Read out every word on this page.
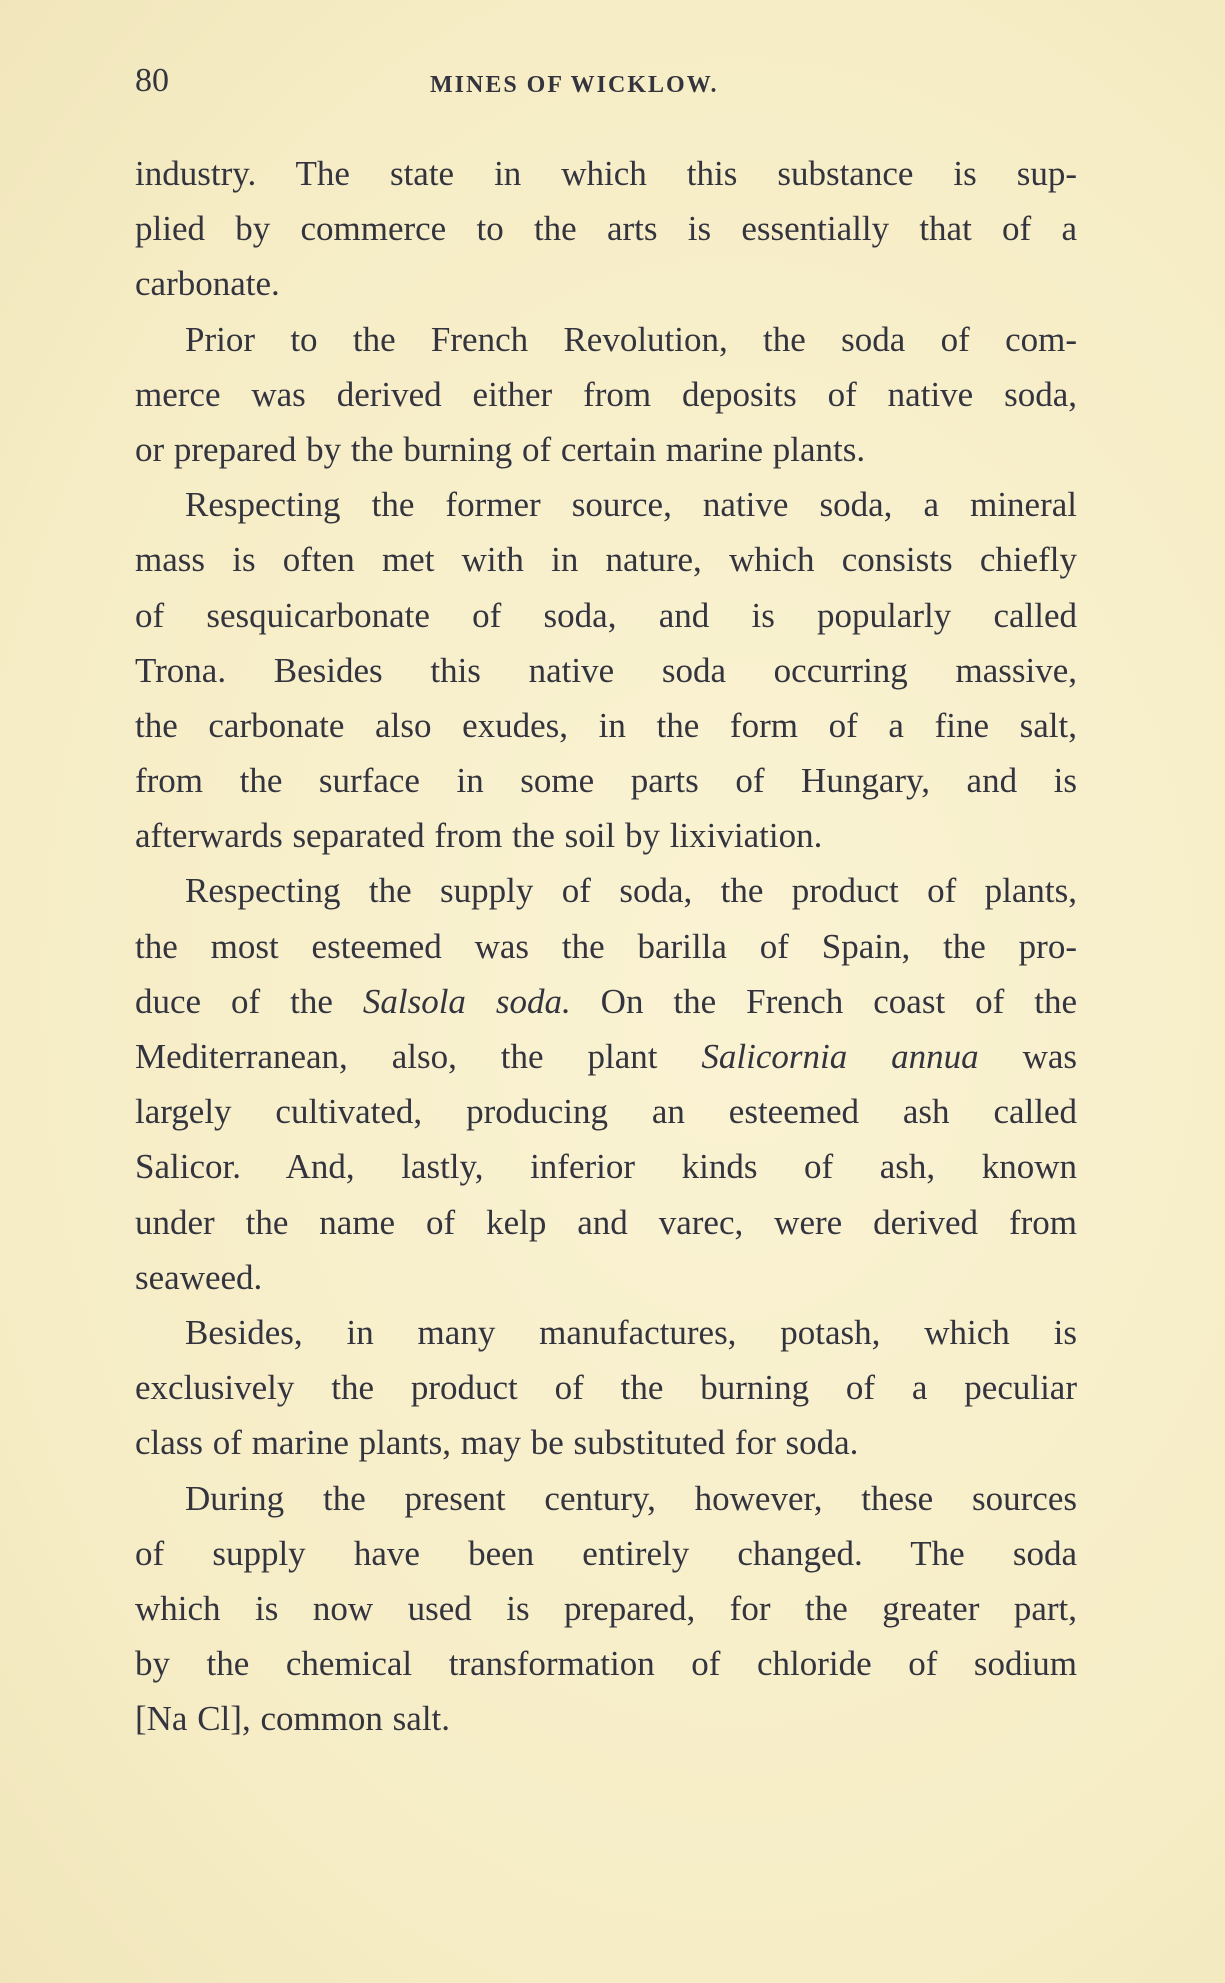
80	MINES OF WICKLOW.
industry. The state in which this substance is sup-
plied by commerce to the arts is essentially that of a
carbonate.
Prior to the French Revolution, the soda of com-
merce was derived either from deposits of native soda,
or prepared by the burning of certain marine plants.
Respecting the former source, native soda, a mineral
mass is often met with in nature, which consists chiefly
of sesquicarbonate of soda, and is popularly called
Trona. Besides this native soda occurring massive,
the carbonate also exudes, in the form of a fine salt,
from the surface in some parts of Hungary, and is
afterwards separated from the soil by lixiviation.
Respecting the supply of soda, the product of plants,
the most esteemed was the barilla of Spain, the pro-
duce of the Salsola soda. On the French coast of the
Mediterranean, also, the plant Salicornia annua was
largely cultivated, producing an esteemed ash called
Salicor. And, lastly, inferior kinds of ash, known
under the name of kelp and varec, were derived from
seaweed.
Besides, in many manufactures, potash, which is
exclusively the product of the burning of a peculiar
class of marine plants, may be substituted for soda.
During the present century, however, these sources
of supply have been entirely changed. The soda
which is now used is prepared, for the greater part,
by the chemical transformation of chloride of sodium
[Na Cl], common salt.
